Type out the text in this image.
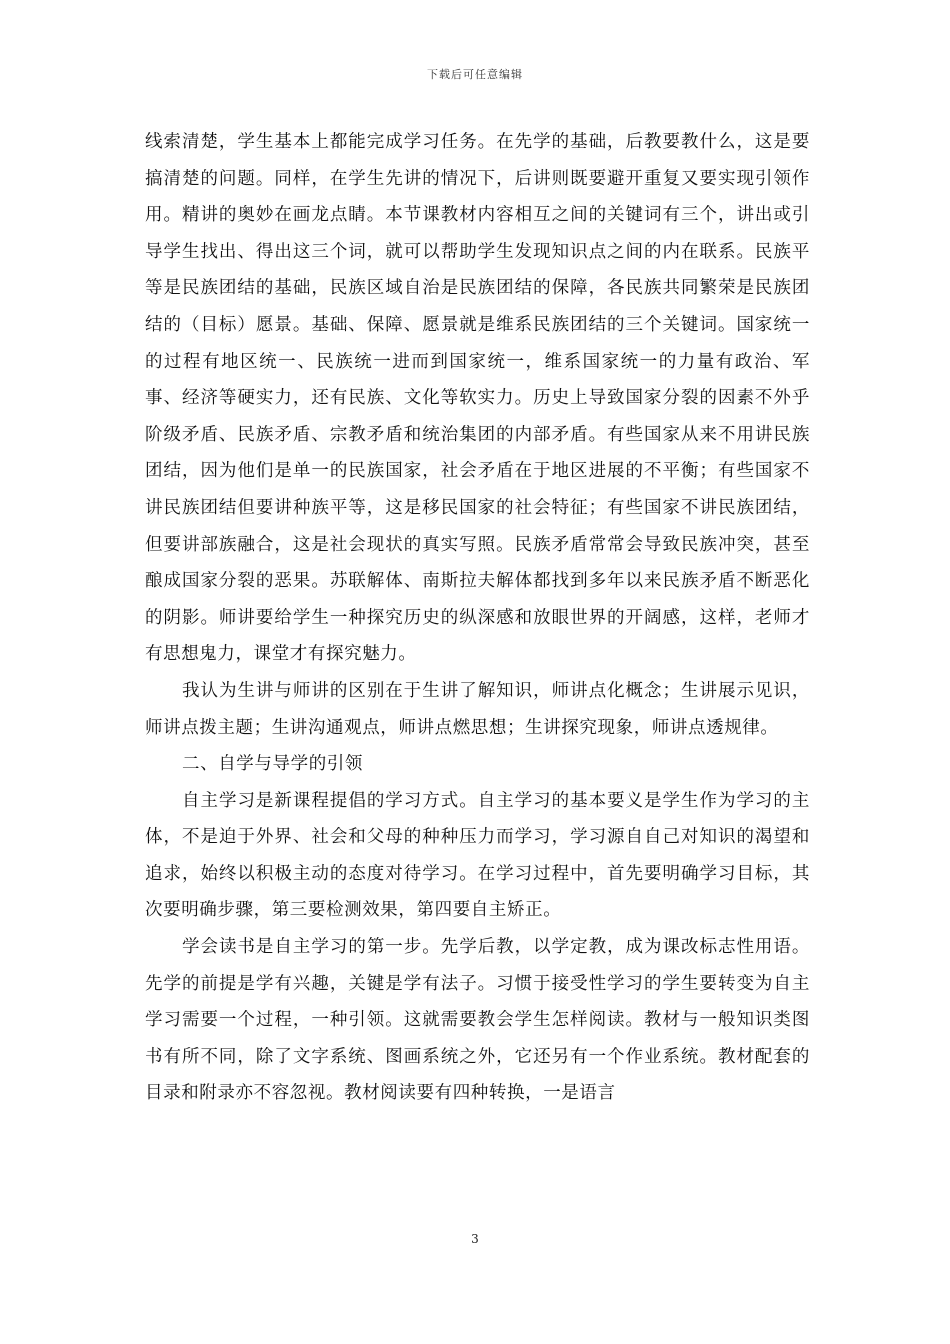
下载后可任意编辑

线索清楚，学生基本上都能完成学习任务。在先学的基础，后教要教什么，这是要搞清楚的问题。同样，在学生先讲的情况下，后讲则既要避开重复又要实现引领作用。精讲的奥妙在画龙点睛。本节课教材内容相互之间的关键词有三个，讲出或引导学生找出、得出这三个词，就可以帮助学生发现知识点之间的内在联系。民族平等是民族团结的基础，民族区域自治是民族团结的保障，各民族共同繁荣是民族团结的（目标）愿景。基础、保障、愿景就是维系民族团结的三个关键词。国家统一的过程有地区统一、民族统一进而到国家统一，维系国家统一的力量有政治、军事、经济等硬实力，还有民族、文化等软实力。历史上导致国家分裂的因素不外乎阶级矛盾、民族矛盾、宗教矛盾和统治集团的内部矛盾。有些国家从来不用讲民族团结，因为他们是单一的民族国家，社会矛盾在于地区进展的不平衡；有些国家不讲民族团结但要讲种族平等，这是移民国家的社会特征；有些国家不讲民族团结，但要讲部族融合，这是社会现状的真实写照。民族矛盾常常会导致民族冲突，甚至酿成国家分裂的恶果。苏联解体、南斯拉夫解体都找到多年以来民族矛盾不断恶化的阴影。师讲要给学生一种探究历史的纵深感和放眼世界的开阔感，这样，老师才有思想鬼力，课堂才有探究魅力。

我认为生讲与师讲的区别在于生讲了解知识，师讲点化概念；生讲展示见识，师讲点拨主题；生讲沟通观点，师讲点燃思想；生讲探究现象，师讲点透规律。

二、自学与导学的引领

自主学习是新课程提倡的学习方式。自主学习的基本要义是学生作为学习的主体，不是迫于外界、社会和父母的种种压力而学习，学习源自自己对知识的渴望和追求，始终以积极主动的态度对待学习。在学习过程中，首先要明确学习目标，其次要明确步骤，第三要检测效果，第四要自主矫正。

学会读书是自主学习的第一步。先学后教，以学定教，成为课改标志性用语。先学的前提是学有兴趣，关键是学有法子。习惯于接受性学习的学生要转变为自主学习需要一个过程，一种引领。这就需要教会学生怎样阅读。教材与一般知识类图书有所不同，除了文字系统、图画系统之外，它还另有一个作业系统。教材配套的目录和附录亦不容忽视。教材阅读要有四种转换，一是语言

3
